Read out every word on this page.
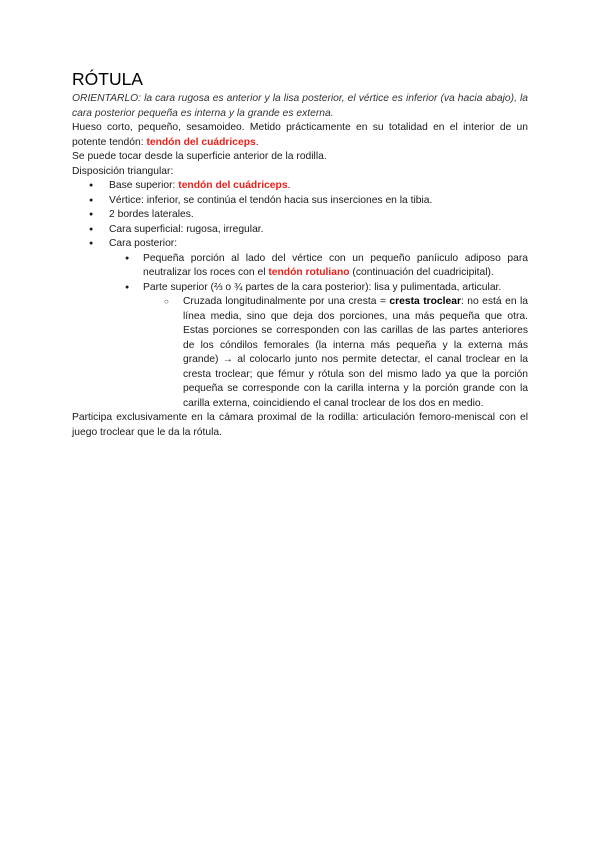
RÓTULA

ORIENTARLO: la cara rugosa es anterior y la lisa posterior, el vértice es inferior (va hacia abajo), la cara posterior pequeña es interna y la grande es externa.

Hueso corto, pequeño, sesamoideo. Metido prácticamente en su totalidad en el interior de un potente tendón: tendón del cuádriceps.

Se puede tocar desde la superficie anterior de la rodilla.

Disposición triangular:

● Base superior: tendón del cuádriceps.
● Vértice: inferior, se continúa el tendón hacia sus inserciones en la tibia.
● 2 bordes laterales.
● Cara superficial: rugosa, irregular.
● Cara posterior:
● Pequeña porción al lado del vértice con un pequeño paníiculo adiposo para neutralizar los roces con el tendón rotuliano (continuación del cuadricipital).
● Parte superior (⅔ o ¾ partes de la cara posterior): lisa y pulimentada, articular.
○ Cruzada longitudinalmente por una cresta = cresta troclear: no está en la línea media, sino que deja dos porciones, una más pequeña que otra. Estas porciones se corresponden con las carillas de las partes anteriores de los cóndilos femorales (la interna más pequeña y la externa más grande) → al colocarlo junto nos permite detectar, el canal troclear en la cresta troclear; que fémur y rótula son del mismo lado ya que la porción pequeña se corresponde con la carilla interna y la porción grande con la carilla externa, coincidiendo el canal troclear de los dos en medio.

Participa exclusivamente en la cámara proximal de la rodilla: articulación femoro-meniscal con el juego troclear que le da la rótula.
